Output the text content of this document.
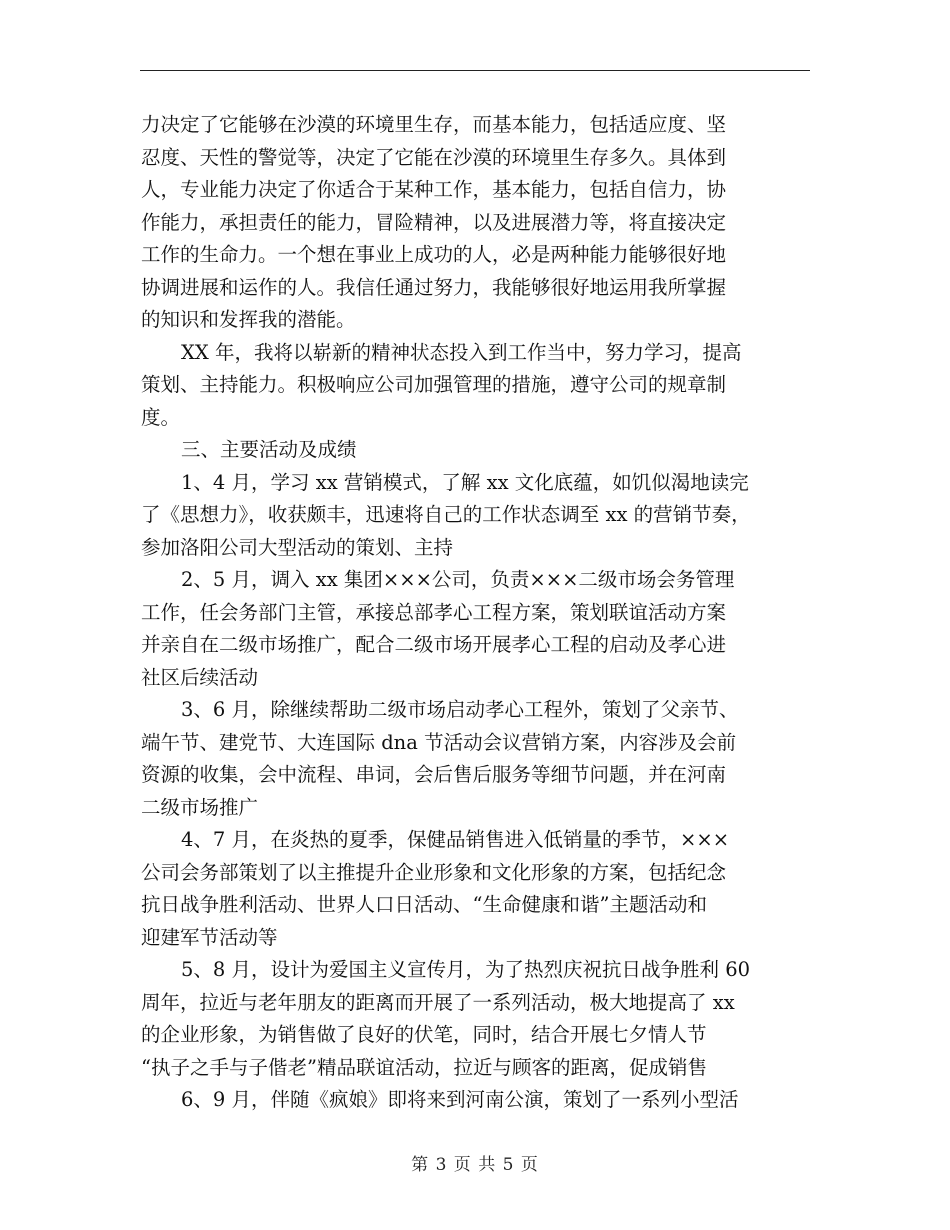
力决定了它能够在沙漠的环境里生存，而基本能力，包括适应度、坚
忍度、天性的警觉等，决定了它能在沙漠的环境里生存多久。具体到
人，专业能力决定了你适合于某种工作，基本能力，包括自信力，协
作能力，承担责任的能力，冒险精神，以及进展潜力等，将直接决定
工作的生命力。一个想在事业上成功的人，必是两种能力能够很好地
协调进展和运作的人。我信任通过努力，我能够很好地运用我所掌握
的知识和发挥我的潜能。
XX 年，我将以崭新的精神状态投入到工作当中，努力学习，提高
策划、主持能力。积极响应公司加强管理的措施，遵守公司的规章制
度。
三、主要活动及成绩
1、4 月，学习 xx 营销模式，了解 xx 文化底蕴，如饥似渴地读完
了《思想力》，收获颇丰，迅速将自己的工作状态调至 xx 的营销节奏，
参加洛阳公司大型活动的策划、主持
2、5 月，调入 xx 集团×××公司，负责×××二级市场会务管理
工作，任会务部门主管，承接总部孝心工程方案，策划联谊活动方案
并亲自在二级市场推广，配合二级市场开展孝心工程的启动及孝心进
社区后续活动
3、6 月，除继续帮助二级市场启动孝心工程外，策划了父亲节、
端午节、建党节、大连国际 dna 节活动会议营销方案，内容涉及会前
资源的收集，会中流程、串词，会后售后服务等细节问题，并在河南
二级市场推广
4、7 月，在炎热的夏季，保健品销售进入低销量的季节，×××
公司会务部策划了以主推提升企业形象和文化形象的方案，包括纪念
抗日战争胜利活动、世界人口日活动、“生命健康和谐”主题活动和
迎建军节活动等
5、8 月，设计为爱国主义宣传月，为了热烈庆祝抗日战争胜利 60
周年，拉近与老年朋友的距离而开展了一系列活动，极大地提高了 xx
的企业形象，为销售做了良好的伏笔，同时，结合开展七夕情人节
“执子之手与子偕老”精品联谊活动，拉近与顾客的距离，促成销售
6、9 月，伴随《疯娘》即将来到河南公演，策划了一系列小型活
第 3 页 共 5 页
